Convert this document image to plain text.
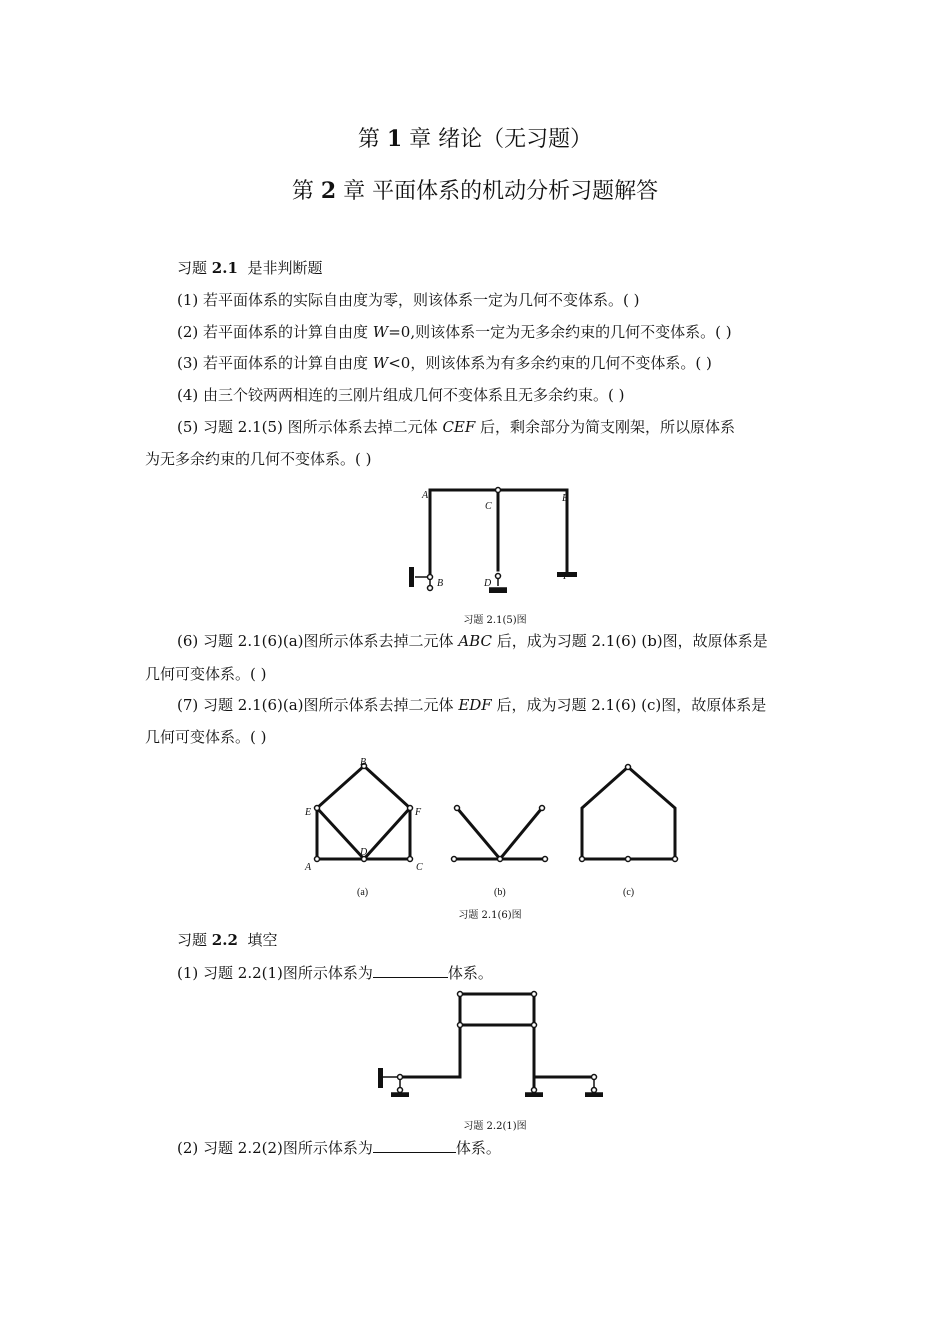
第 1 章 绪论（无习题）
第 2 章 平面体系的机动分析习题解答
习题 2.1 是非判断题
(1) 若平面体系的实际自由度为零，则该体系一定为几何不变体系。( )
(2) 若平面体系的计算自由度 W=0,则该体系一定为无多余约束的几何不变体系。( )
(3) 若平面体系的计算自由度 W<0，则该体系为有多余约束的几何不变体系。( )
(4) 由三个铰两两相连的三刚片组成几何不变体系且无多余约束。( )
(5) 习题 2.1(5) 图所示体系去掉二元体 CEF 后，剩余部分为简支刚架，所以原体系
为无多余约束的几何不变体系。( )
A
B
C
D
E
F
习题 2.1(5)图
(6) 习题 2.1(6)(a)图所示体系去掉二元体 ABC 后，成为习题 2.1(6) (b)图，故原体系是
几何可变体系。( )
(7) 习题 2.1(6)(a)图所示体系去掉二元体 EDF 后，成为习题 2.1(6) (c)图，故原体系是
几何可变体系。( )
A
B
C
D
E	F
(a)	(b)	(c)
习题 2.1(6)图
习题 2.2 填空
(1) 习题 2.2(1)图所示体系为	体系。
习题 2.2(1)图
(2) 习题 2.2(2)图所示体系为	体系。
